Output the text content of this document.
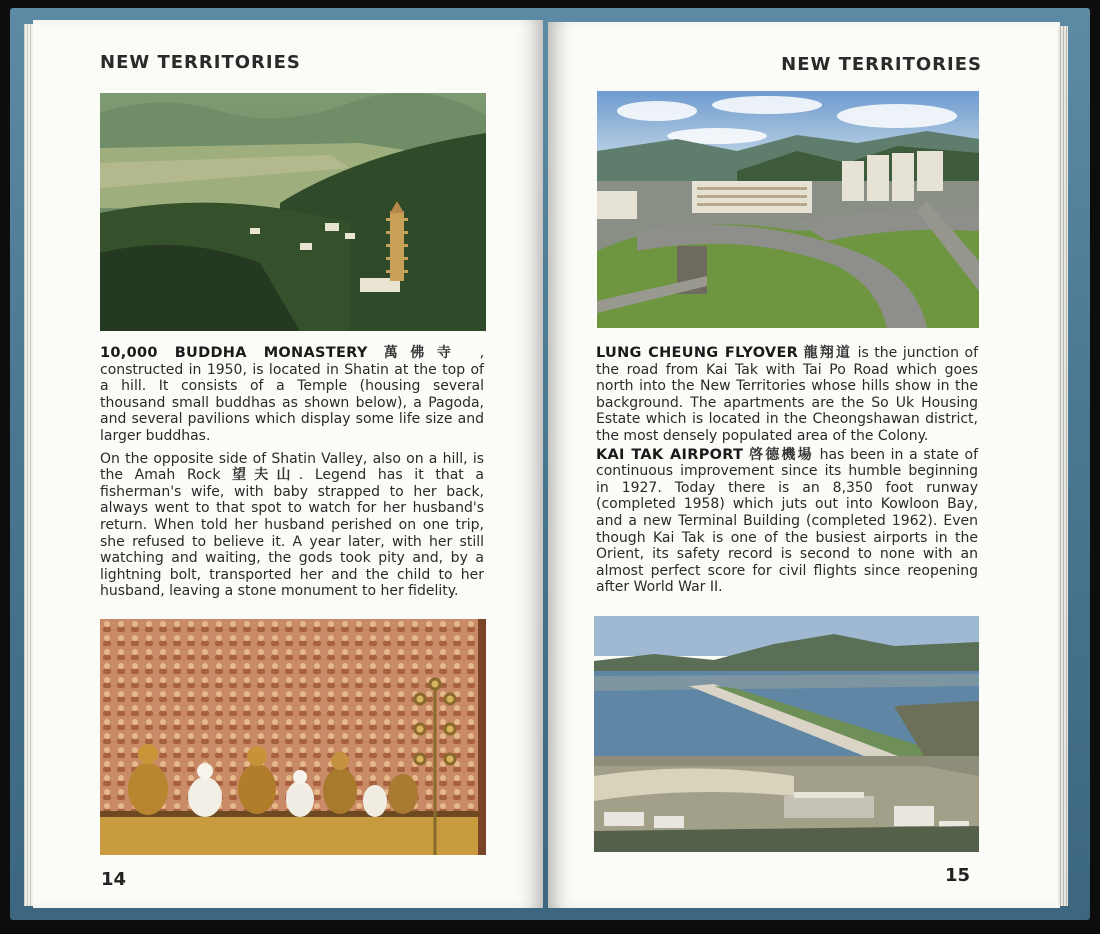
NEW TERRITORIES

10,000 BUDDHA MONASTERY 萬佛寺 , constructed in 1950, is located in Shatin at the top of a hill. It consists of a Temple (housing several thousand small buddhas as shown below), a Pagoda, and several pavilions which display some life size and larger buddhas.

On the opposite side of Shatin Valley, also on a hill, is the Amah Rock 望夫山. Legend has it that a fisherman's wife, with baby strapped to her back, always went to that spot to watch for her husband's return. When told her husband perished on one trip, she refused to believe it. A year later, with her still watching and waiting, the gods took pity and, by a lightning bolt, transported her and the child to her husband, leaving a stone monument to her fidelity.

14
NEW TERRITORIES

LUNG CHEUNG FLYOVER 龍翔道 is the junction of the road from Kai Tak with Tai Po Road which goes north into the New Territories whose hills show in the background. The apartments are the So Uk Housing Estate which is located in the Cheongshawan district, the most densely populated area of the Colony.

KAI TAK AIRPORT 啓德機場 has been in a state of continuous improvement since its humble beginning in 1927. Today there is an 8,350 foot runway (completed 1958) which juts out into Kowloon Bay, and a new Terminal Building (completed 1962). Even though Kai Tak is one of the busiest airports in the Orient, its safety record is second to none with an almost perfect score for civil flights since reopening after World War II.

15
